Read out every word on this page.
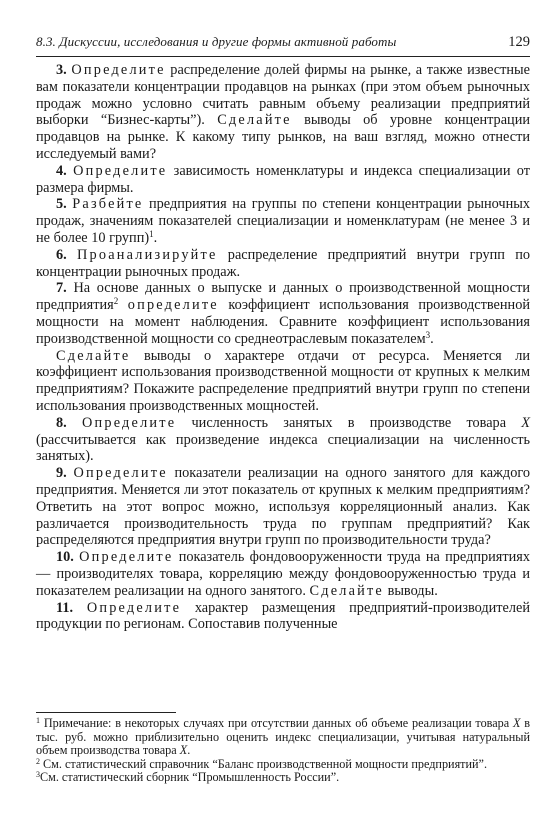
8.3. Дискуссии, исследования и другие формы активной работы	129

3. Определите распределение долей фирмы на рынке, а также известные вам показатели концентрации продавцов на рынках (при этом объем рыночных продаж можно условно считать равным объему реализации предприятий выборки “Бизнес-карты”). Сделайте выводы об уровне концентрации продавцов на рынке. К какому типу рынков, на ваш взгляд, можно отнести исследуемый вами?

4. Определите зависимость номенклатуры и индекса специализации от размера фирмы.

5. Разбейте предприятия на группы по степени концентрации рыночных продаж, значениям показателей специализации и номенклатурам (не менее 3 и не более 10 групп)$^1$.

6. Проанализируйте распределение предприятий внутри групп по концентрации рыночных продаж.

7. На основе данных о выпуске и данных о производственной мощности предприятия$^2$ определите коэффициент использования производственной мощности на момент наблюдения. Сравните коэффициент использования производственной мощности со среднеотраслевым показателем$^3$.

Сделайте выводы о характере отдачи от ресурса. Меняется ли коэффициент использования производственной мощности от крупных к мелким предприятиям? Покажите распределение предприятий внутри групп по степени использования производственных мощностей.

8. Определите численность занятых в производстве товара X (рассчитывается как произведение индекса специализации на численность занятых).

9. Определите показатели реализации на одного занятого для каждого предприятия. Меняется ли этот показатель от крупных к мелким предприятиям? Ответить на этот вопрос можно, используя корреляционный анализ. Как различается производительность труда по группам предприятий? Как распределяются предприятия внутри групп по производительности труда?

10. Определите показатель фондовооруженности труда на предприятиях — производителях товара, корреляцию между фондовооруженностью труда и показателем реализации на одного занятого. Сделайте выводы.

11. Определите характер размещения предприятий-производителей продукции по регионам. Сопоставив полученные

$^1$ Примечание: в некоторых случаях при отсутствии данных об объеме реализации товара X в тыс. руб. можно приблизительно оценить индекс специализации, учитывая натуральный объем производства товара X.

$^2$ См. статистический справочник “Баланс производственной мощности предприятий”.

$^3$См. статистический сборник “Промышленность России”.
